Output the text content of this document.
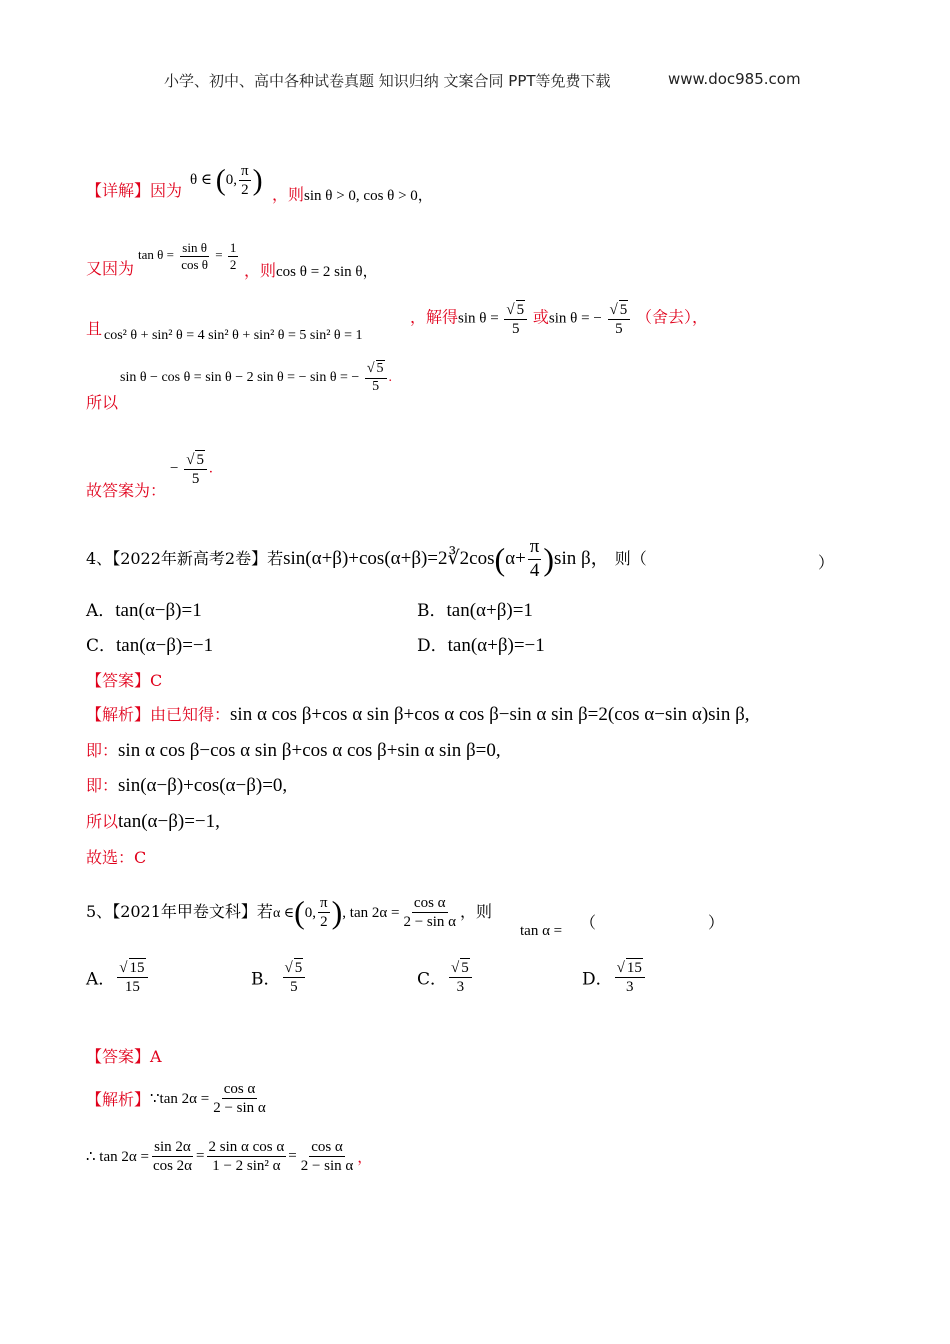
小学、初中、高中各种试卷真题 知识归纳 文案合同 PPT等免费下载	www.doc985.com
【详解】因为
θ ∈ (0, $\frac{\pi}{2}$ ) ，则sin θ > 0, cos θ > 0，
又因为
$\tan \theta = \frac{\text{sin θ}}{\text{cos θ}} = \frac{1}{2}$ ，则cos θ = 2 sin θ，
且 cos² θ + sin² θ = 4 sin² θ + sin² θ = 5 sin² θ = 1
，解得$\sin \theta = \frac{√ 5}{5}$ 或sin θ = − $\frac{√ 5}{5}$ （舍去），
所以
sin θ − cos θ = sin θ − 2 sin θ = − sin θ = − $\frac{√ 5}{5}$ .
故答案为：
− $\frac{√ 5}{5}$ .
4、【2022年新高考2卷】若sin(α+β)+cos(α+β)=2∛2cos(α+ $\frac{\pi}{4} )\sin$ β， 则（	）
A．tan(α−β)=1	B．tan(α+β)=1
C．tan(α−β)=−1	D．tan(α+β)=−1
【答案】C
【解析】由已知得：sin α cos β+cos α sin β+cos α cos β−sin α sin β=2(cos α−sin α)sin β,
即：sin α cos β−cos α sin β+cos α cos β+sin α sin β=0,
即：sin(α−β)+cos(α−β)=0,
所以tan(α−β)=−1,
故选：C
5、【2021年甲卷文科】若α ∈(0, $\frac{\pi}{2}$ ), $\tan 2\alpha = \frac{\text{cos α}}{\text{2 − sin α}}$ ，则
tan α = （	）
A． $\frac{√ 15}{15}$	B． $\frac{√ 5}{5}$	C． $\frac{√ 5}{3}$	D． $\frac{√ 15}{3}$
【答案】A
【解析】∵tan $2\alpha = \frac{\text{cos α}}{\text{2 − sin α}}$
∴ $\tan 2\alpha = \frac{\sin 2\alpha}{\cos 2\alpha} = \frac{\text{2 sin α cos α}}{\text{1 − 2 sin² α}} = \frac{\text{cos α}}{\text{2 − sin α}}$ ，
